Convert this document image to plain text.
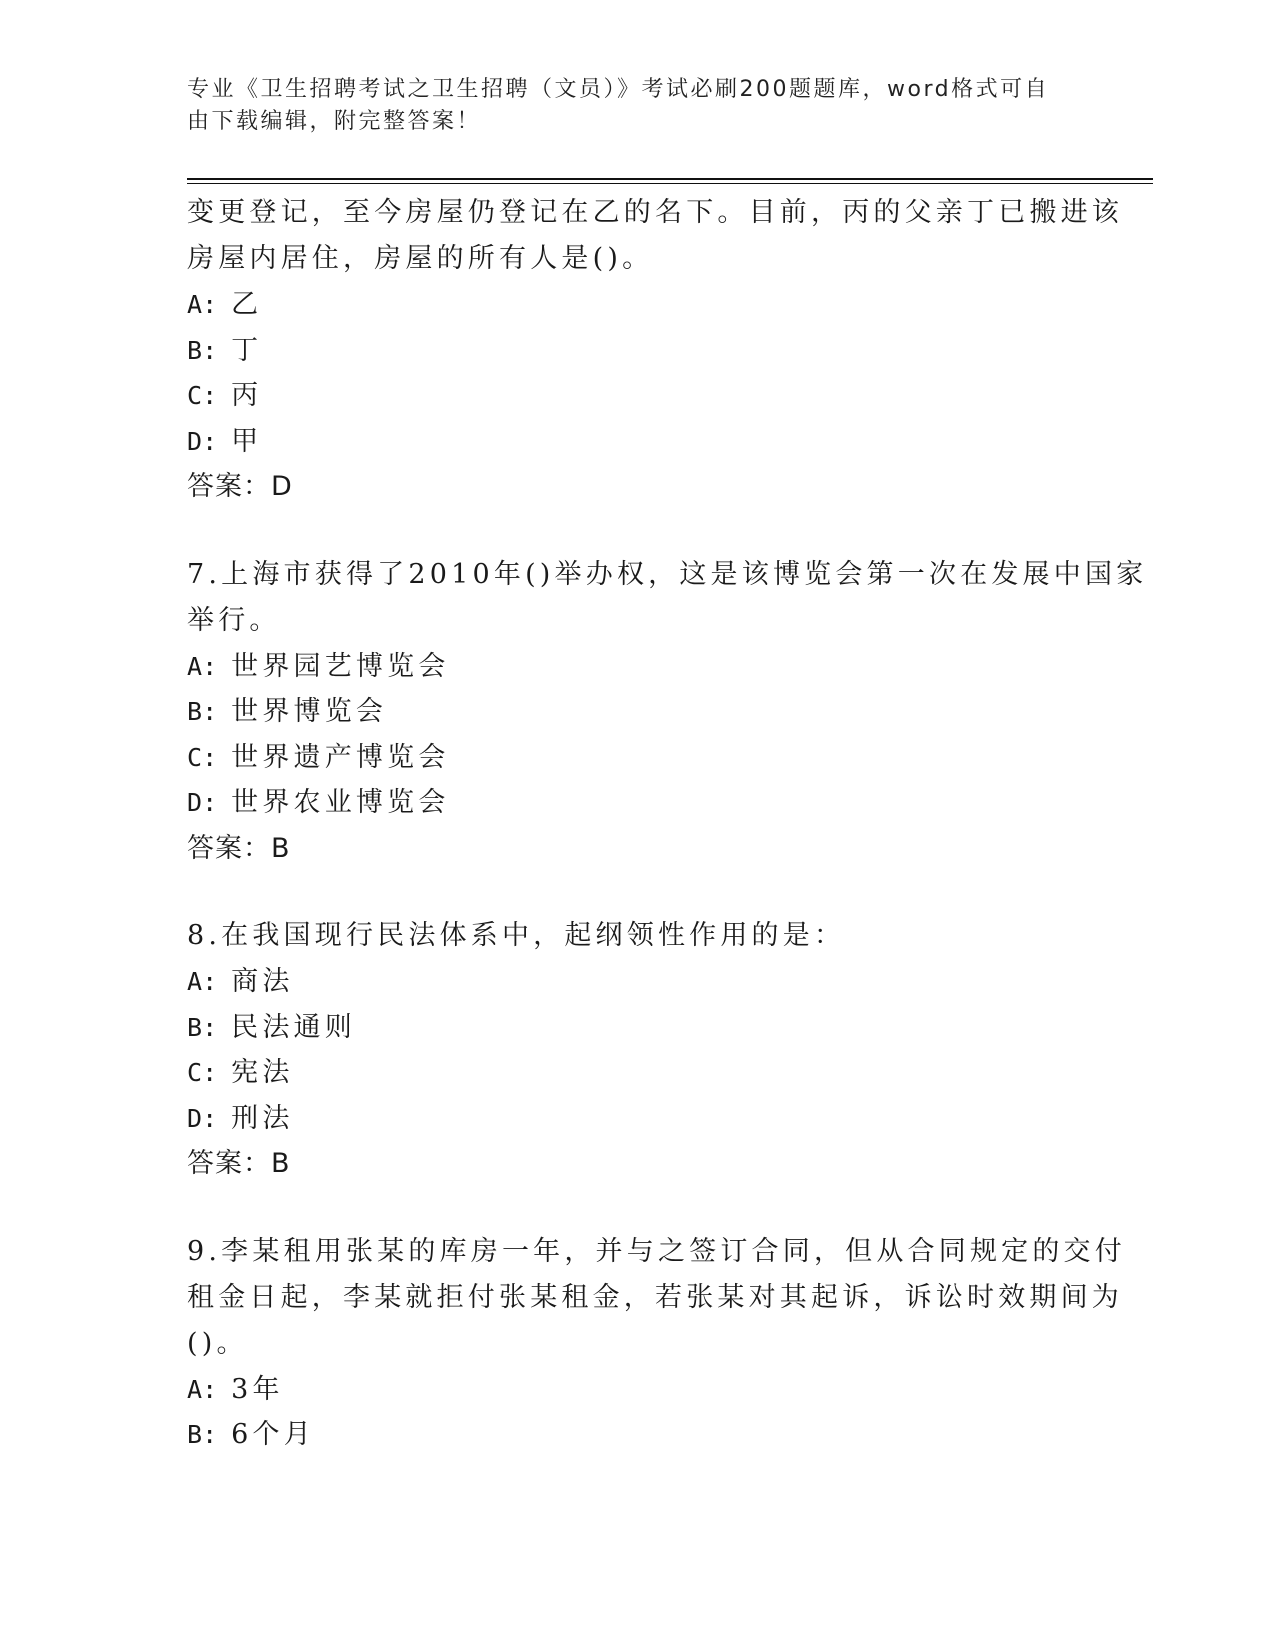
专业《卫生招聘考试之卫生招聘（文员）》考试必刷200题题库，word格式可自
由下载编辑，附完整答案！

变更登记，至今房屋仍登记在乙的名下。目前，丙的父亲丁已搬进该

房屋内居住，房屋的所有人是()。

A: 乙

B: 丁

C: 丙

D: 甲

答案：D

7.上海市获得了2010年()举办权，这是该博览会第一次在发展中国家

举行。

A: 世界园艺博览会

B: 世界博览会

C: 世界遗产博览会

D: 世界农业博览会

答案：B

8.在我国现行民法体系中，起纲领性作用的是：

A: 商法

B: 民法通则

C: 宪法

D: 刑法

答案：B

9.李某租用张某的库房一年，并与之签订合同，但从合同规定的交付

租金日起，李某就拒付张某租金，若张某对其起诉，诉讼时效期间为

()。

A: 3年

B: 6个月
